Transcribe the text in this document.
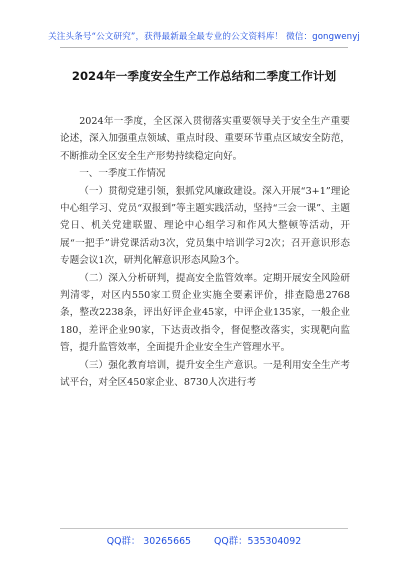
关注头条号“公文研究”，获得最新最全最专业的公文资料库！ 微信：gongwenyj
2024年一季度安全生产工作总结和二季度工作计划

2024年一季度，全区深入贯彻落实重要领导关于安全生产重要论述，深入加强重点领域、重点时段、重要环节重点区域安全防范，不断推动全区安全生产形势持续稳定向好。

一、一季度工作情况

（一）贯彻党建引领，狠抓党风廉政建设。深入开展“3+1”理论中心组学习、党员“双报到”等主题实践活动，坚持“三会一课”、主题党日、机关党建联盟、理论中心组学习和作风大整顿等活动，开展“一把手”讲党课活动3次，党员集中培训学习2次；召开意识形态专题会议1次，研判化解意识形态风险3个。

（二）深入分析研判，提高安全监管效率。定期开展安全风险研判清零，对区内550家工贸企业实施全要素评价，排查隐患2768条，整改2238条，评出好评企业45家，中评企业135家，一般企业180，差评企业90家，下达责改指令，督促整改落实，实现靶向监管，提升监管效率，全面提升企业安全生产管理水平。

（三）强化教育培训，提升安全生产意识。一是利用安全生产考试平台，对全区450家企业、8730人次进行考

QQ群： 30265665 QQ群：535304092
